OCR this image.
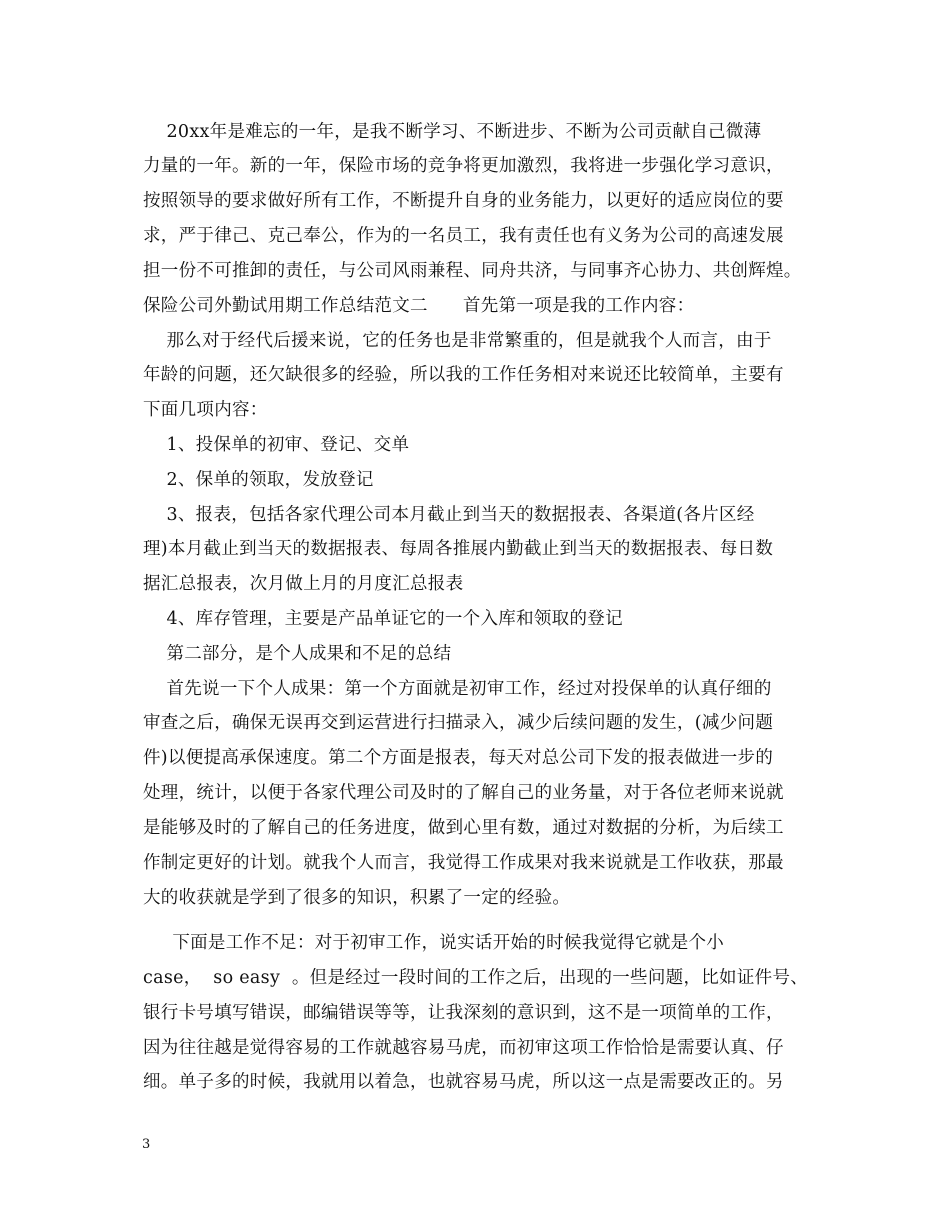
20xx年是难忘的一年，是我不断学习、不断进步、不断为公司贡献自己微薄
力量的一年。新的一年，保险市场的竞争将更加激烈，我将进一步强化学习意识，
按照领导的要求做好所有工作，不断提升自身的业务能力，以更好的适应岗位的要
求，严于律己、克己奉公，作为的一名员工，我有责任也有义务为公司的高速发展
担一份不可推卸的责任，与公司风雨兼程、同舟共济，与同事齐心协力、共创辉煌。
保险公司外勤试用期工作总结范文二      首先第一项是我的工作内容：
那么对于经代后援来说，它的任务也是非常繁重的，但是就我个人而言，由于
年龄的问题，还欠缺很多的经验，所以我的工作任务相对来说还比较简单，主要有
下面几项内容：
1、投保单的初审、登记、交单
2、保单的领取，发放登记
3、报表，包括各家代理公司本月截止到当天的数据报表、各渠道(各片区经
理)本月截止到当天的数据报表、每周各推展内勤截止到当天的数据报表、每日数
据汇总报表，次月做上月的月度汇总报表
4、库存管理，主要是产品单证它的一个入库和领取的登记
第二部分，是个人成果和不足的总结
首先说一下个人成果：第一个方面就是初审工作，经过对投保单的认真仔细的
审查之后，确保无误再交到运营进行扫描录入，减少后续问题的发生，(减少问题
件)以便提高承保速度。第二个方面是报表，每天对总公司下发的报表做进一步的
处理，统计，以便于各家代理公司及时的了解自己的业务量，对于各位老师来说就
是能够及时的了解自己的任务进度，做到心里有数，通过对数据的分析，为后续工
作制定更好的计划。就我个人而言，我觉得工作成果对我来说就是工作收获，那最
大的收获就是学到了很多的知识，积累了一定的经验。
下面是工作不足：对于初审工作，说实话开始的时候我觉得它就是个小
case，  so easy  。但是经过一段时间的工作之后，出现的一些问题，比如证件号、
银行卡号填写错误，邮编错误等等，让我深刻的意识到，这不是一项简单的工作，
因为往往越是觉得容易的工作就越容易马虎，而初审这项工作恰恰是需要认真、仔
细。单子多的时候，我就用以着急，也就容易马虎，所以这一点是需要改正的。另
3
